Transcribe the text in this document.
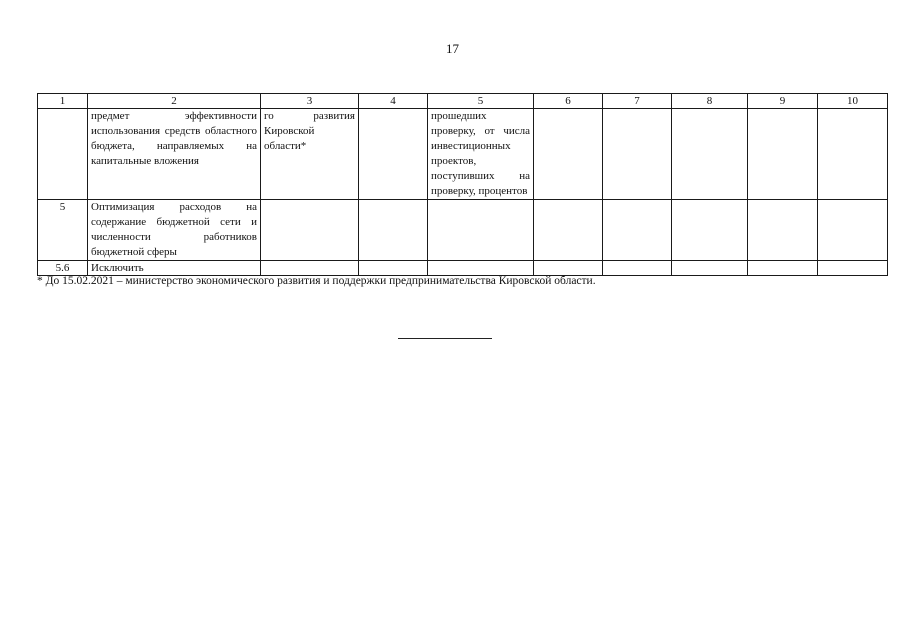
17
1	2	3	4	5	6	7	8	9	10
	предмет эффективности использования средств областного бюджета, направляемых на капитальные вложения	го развития Кировской области*		прошедших проверку, от числа инвестиционных проектов, поступивших на проверку, процентов					
5	Оптимизация расходов на содержание бюджетной сети и численности работников бюджетной сферы								
5.6	Исключить								
* До 15.02.2021 – министерство экономического развития и поддержки предпринимательства Кировской области.
